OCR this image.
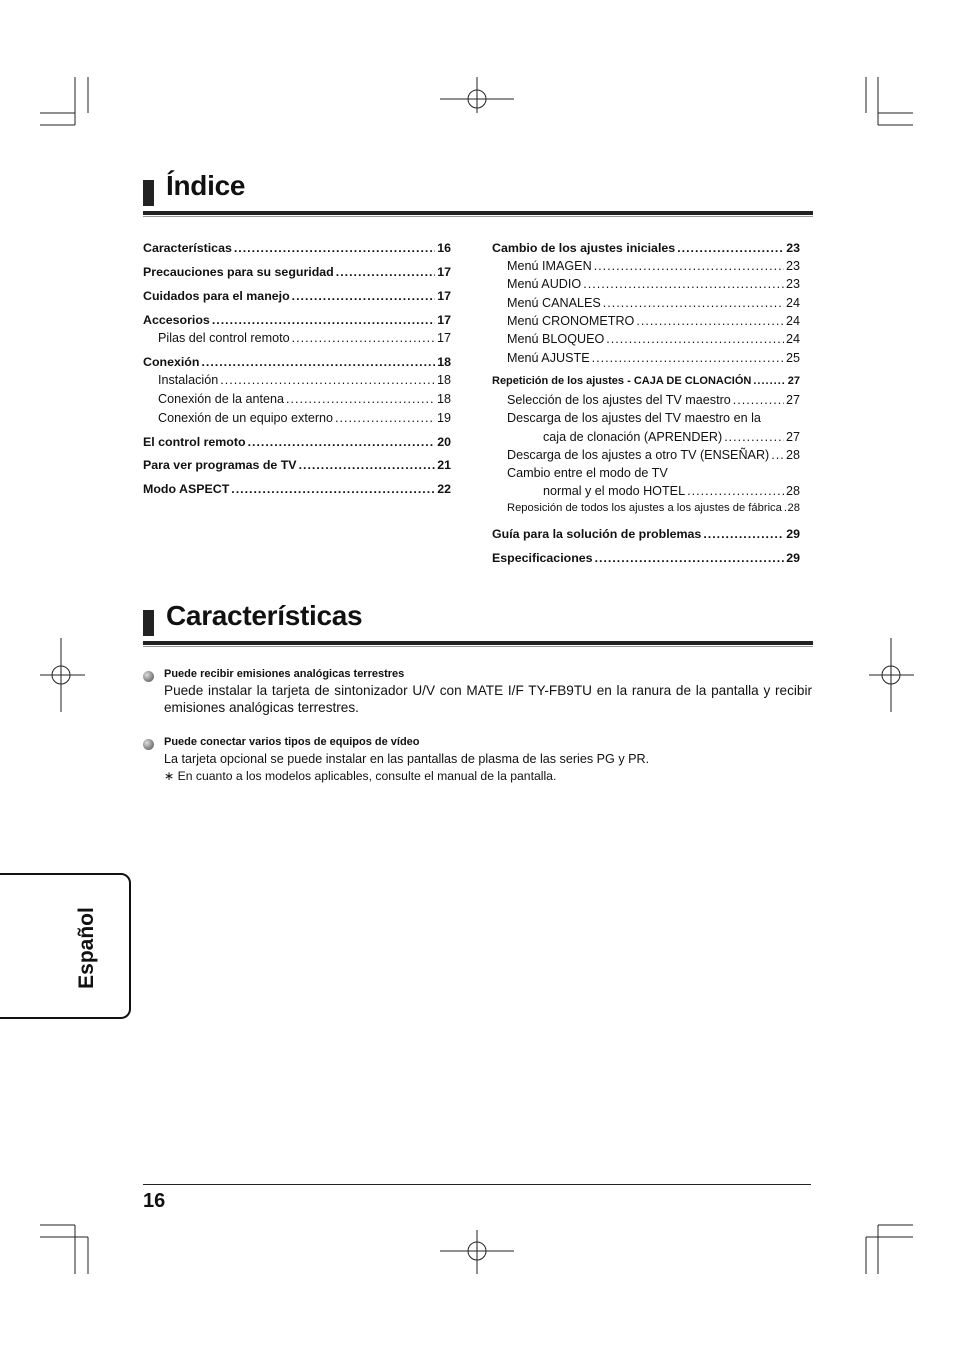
Índice
Características .....	16
Precauciones para su seguridad .....	17
Cuidados para el manejo .....	17
Accesorios .....	17
Pilas del control remoto .....	17
Conexión .....	18
Instalación .....	18
Conexión de la antena .....	18
Conexión de un equipo externo .....	19
El control remoto .....	20
Para ver programas de TV .....	21
Modo ASPECT .....	22
Cambio de los ajustes iniciales .....	23
Menú IMAGEN .....	23
Menú AUDIO .....	23
Menú CANALES .....	24
Menú CRONOMETRO .....	24
Menú BLOQUEO .....	24
Menú AJUSTE .....	25
Repetición de los ajustes - CAJA DE CLONACIÓN .....	27
Selección de los ajustes del TV maestro .....	27
Descarga de los ajustes del TV maestro en la
caja de clonación (APRENDER) .....	27
Descarga de los ajustes a otro TV (ENSEÑAR) ..... 28
Cambio entre el modo de TV
normal y el modo HOTEL .....	28
Reposición de todos los ajustes a los ajustes de fábrica ..... 28
Guía para la solución de problemas .....	29
Especificaciones .....	29
Características
Puede recibir emisiones analógicas terrestres
Puede instalar la tarjeta de sintonizador U/V con MATE I/F TY-FB9TU en la ranura de la pantalla y recibir emisiones analógicas terrestres.
Puede conectar varios tipos de equipos de vídeo
La tarjeta opcional se puede instalar en las pantallas de plasma de las series PG y PR.
∗ En cuanto a los modelos aplicables, consulte el manual de la pantalla.
Español
16
